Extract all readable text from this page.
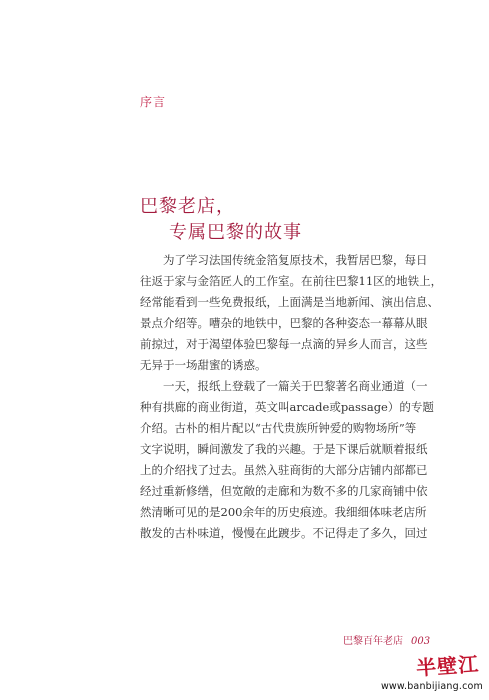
序言
巴黎老店，
专属巴黎的故事
　　为了学习法国传统金箔复原技术，我暂居巴黎，每日
往返于家与金箔匠人的工作室。在前往巴黎11区的地铁上，
经常能看到一些免费报纸，上面满是当地新闻、演出信息、
景点介绍等。嘈杂的地铁中，巴黎的各种姿态一幕幕从眼
前掠过，对于渴望体验巴黎每一点滴的异乡人而言，这些
无异于一场甜蜜的诱惑。
　　一天，报纸上登载了一篇关于巴黎著名商业通道（一
种有拱廊的商业街道，英文叫arcade或passage）的专题
介绍。古朴的相片配以“古代贵族所钟爱的购物场所”等
文字说明，瞬间激发了我的兴趣。于是下课后就顺着报纸
上的介绍找了过去。虽然入驻商街的大部分店铺内部都已
经过重新修缮，但宽敞的走廊和为数不多的几家商铺中依
然清晰可见的是200余年的历史痕迹。我细细体味老店所
散发的古朴味道，慢慢在此踱步。不记得走了多久，回过
巴黎百年老店 003
半壁江
www.banbijiang.com
